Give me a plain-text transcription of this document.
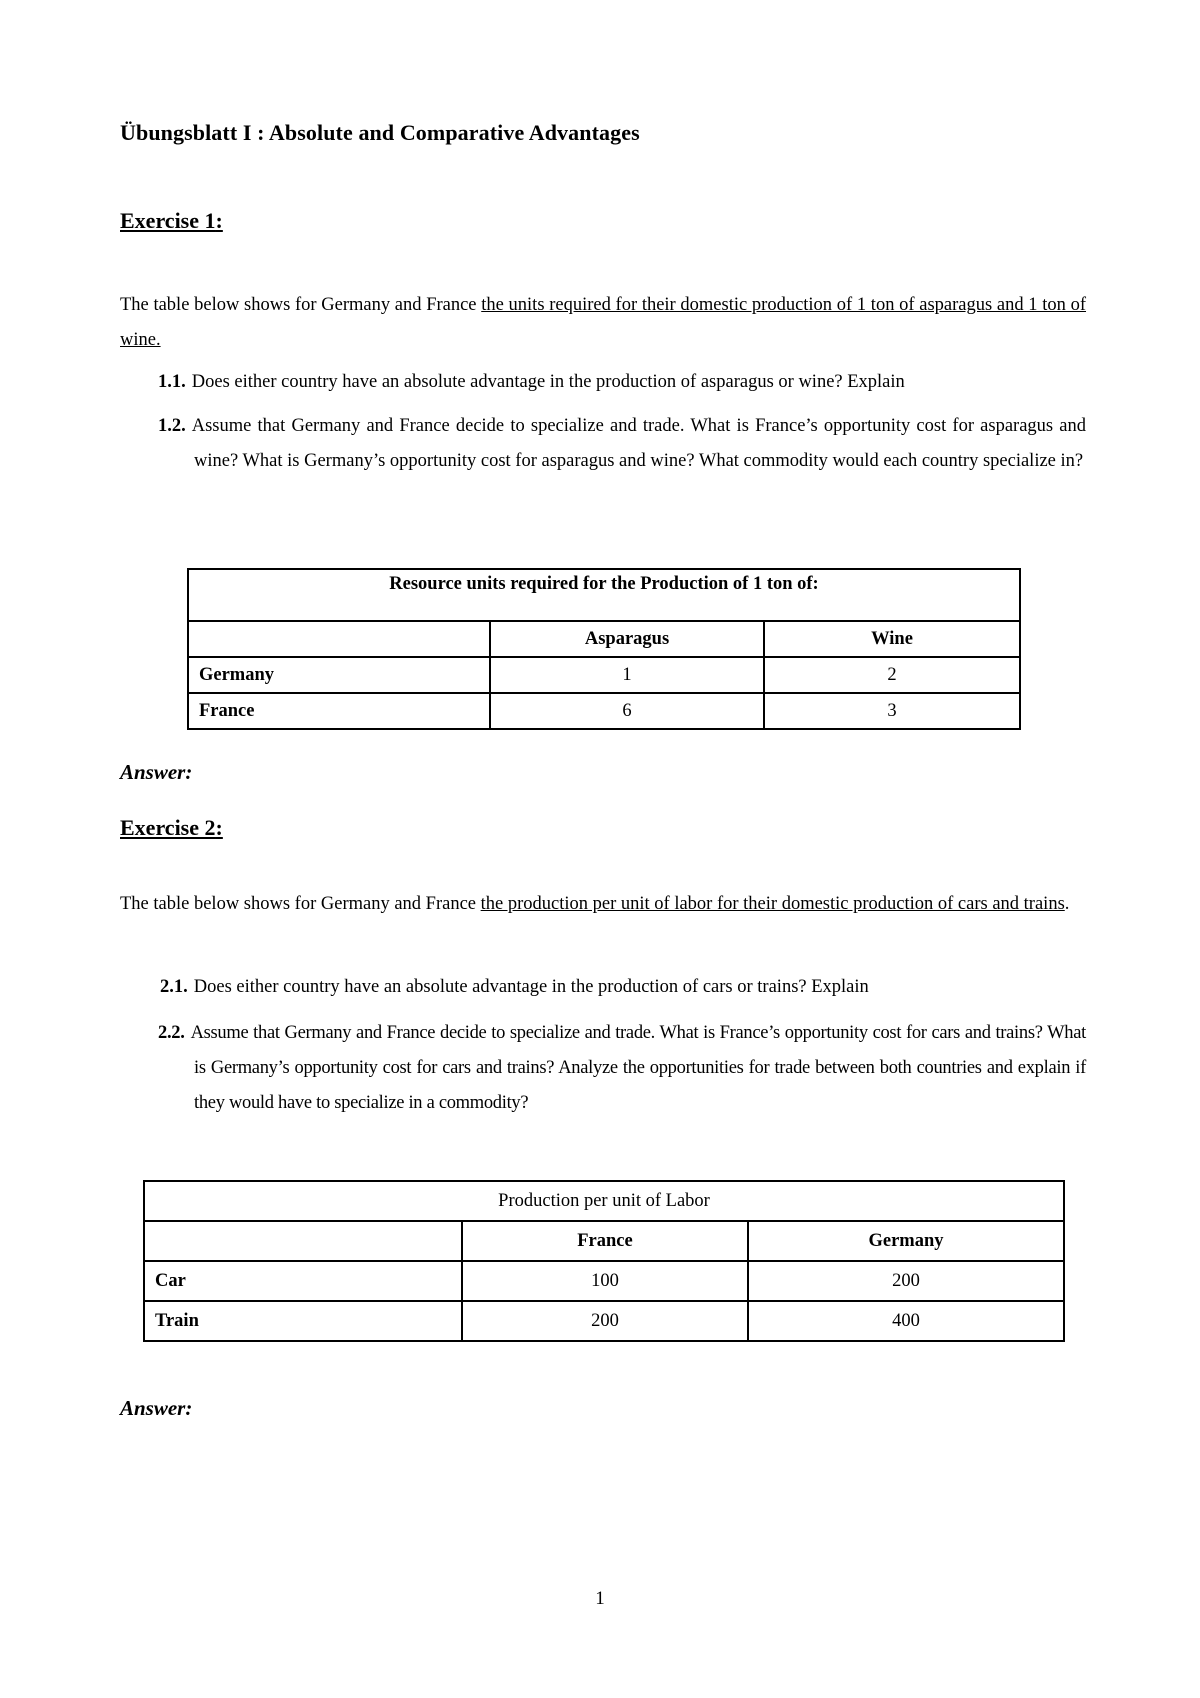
Übungsblatt I : Absolute and Comparative Advantages
Exercise 1:
The table below shows for Germany and France the units required for their domestic production of 1 ton of asparagus and 1 ton of wine.
1.1. Does either country have an absolute advantage in the production of asparagus or wine? Explain
1.2. Assume that Germany and France decide to specialize and trade. What is France’s opportunity cost for asparagus and wine? What is Germany’s opportunity cost for asparagus and wine? What commodity would each country specialize in?
Resource units required for the Production of 1 ton of:		
	Asparagus	Wine
Germany	1	2
France	6	3
Answer:
Exercise 2:
The table below shows for Germany and France the production per unit of labor for their domestic production of cars and trains.
2.1. Does either country have an absolute advantage in the production of cars or trains? Explain
2.2. Assume that Germany and France decide to specialize and trade. What is France’s opportunity cost for cars and trains? What is Germany’s opportunity cost for cars and trains? Analyze the opportunities for trade between both countries and explain if they would have to specialize in a commodity?
Production per unit of Labor		
	France	Germany
Car	100	200
Train	200	400
Answer:
1
